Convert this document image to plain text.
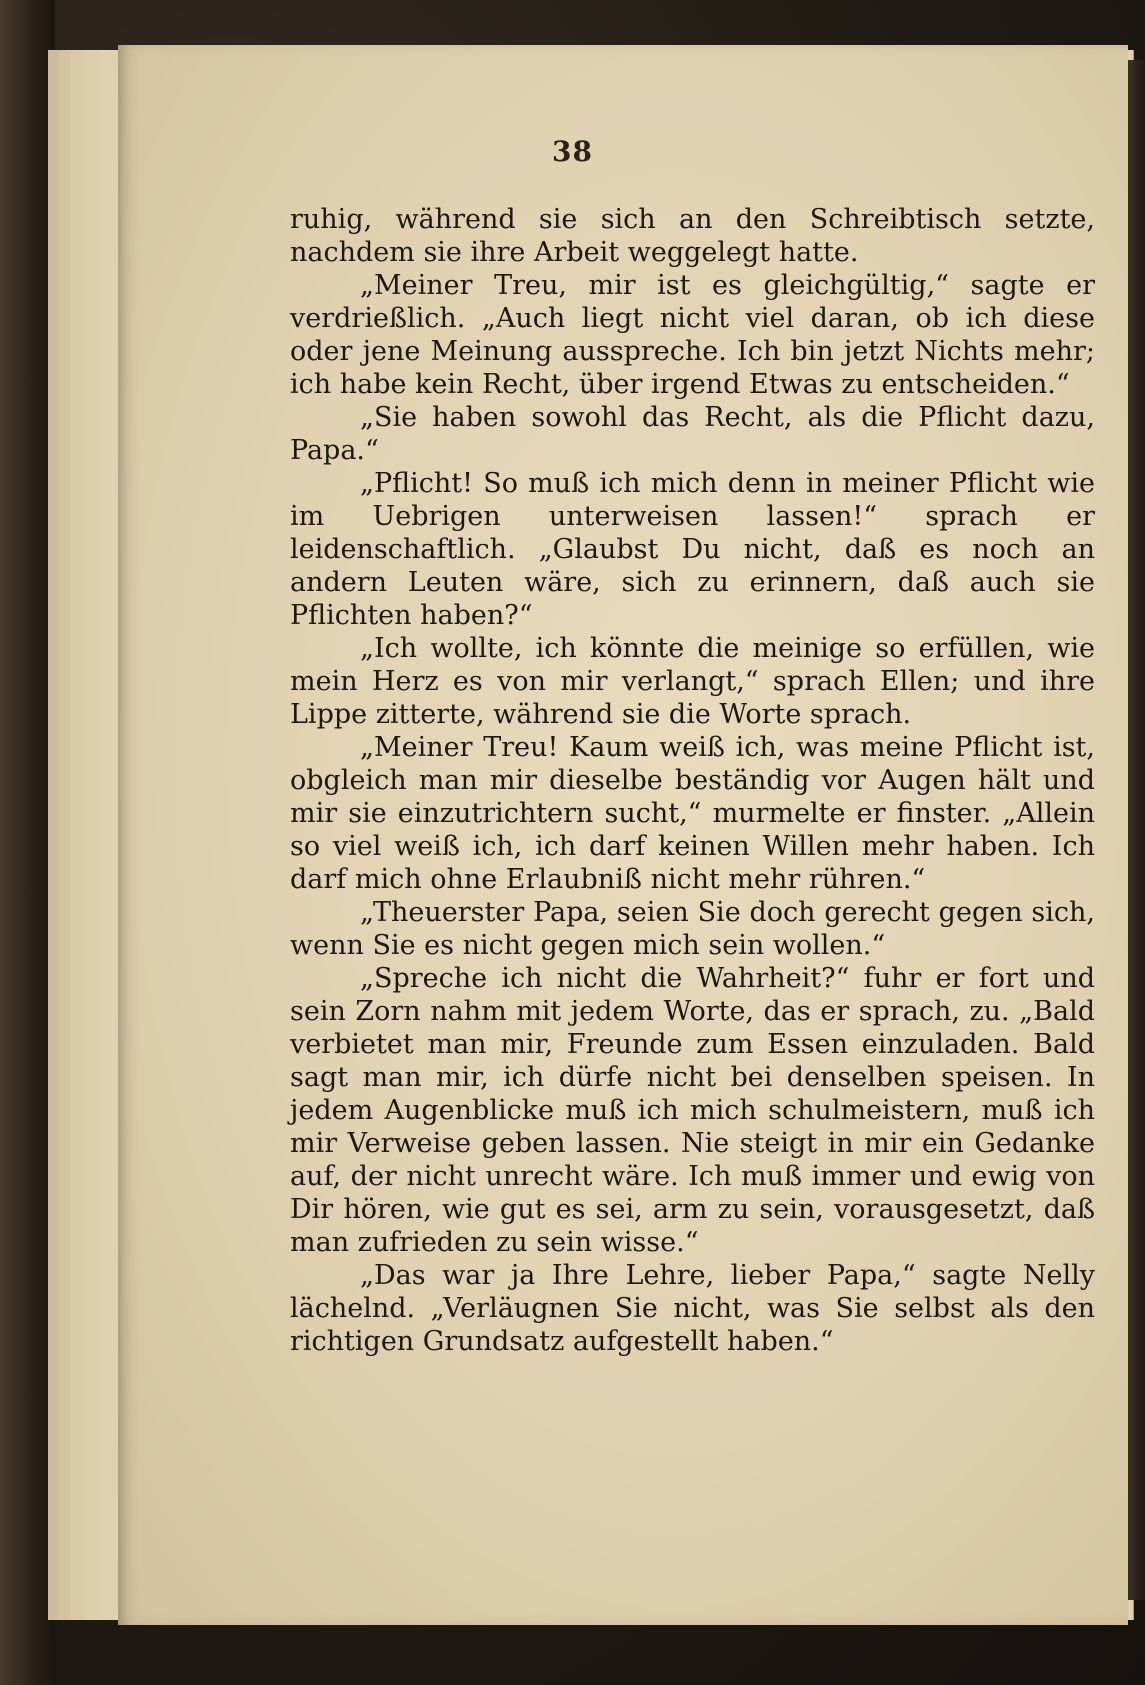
38

ruhig, während sie sich an den Schreibtisch setzte, nachdem sie ihre Arbeit weggelegt hatte.

„Meiner Treu, mir ist es gleichgültig,“ sagte er verdrießlich. „Auch liegt nicht viel daran, ob ich diese oder jene Meinung ausspreche. Ich bin jetzt Nichts mehr; ich habe kein Recht, über irgend Etwas zu entscheiden.“

„Sie haben sowohl das Recht, als die Pflicht dazu, Papa.“

„Pflicht! So muß ich mich denn in meiner Pflicht wie im Uebrigen unterweisen lassen!“ sprach er leidenschaftlich. „Glaubst Du nicht, daß es noch an andern Leuten wäre, sich zu erinnern, daß auch sie Pflichten haben?“

„Ich wollte, ich könnte die meinige so erfüllen, wie mein Herz es von mir verlangt,“ sprach Ellen; und ihre Lippe zitterte, während sie die Worte sprach.

„Meiner Treu! Kaum weiß ich, was meine Pflicht ist, obgleich man mir dieselbe beständig vor Augen hält und mir sie einzutrichtern sucht,“ murmelte er finster. „Allein so viel weiß ich, ich darf keinen Willen mehr haben. Ich darf mich ohne Erlaubniß nicht mehr rühren.“

„Theuerster Papa, seien Sie doch gerecht gegen sich, wenn Sie es nicht gegen mich sein wollen.“

„Spreche ich nicht die Wahrheit?“ fuhr er fort und sein Zorn nahm mit jedem Worte, das er sprach, zu. „Bald verbietet man mir, Freunde zum Essen einzuladen. Bald sagt man mir, ich dürfe nicht bei denselben speisen. In jedem Augenblicke muß ich mich schulmeistern, muß ich mir Verweise geben lassen. Nie steigt in mir ein Gedanke auf, der nicht unrecht wäre. Ich muß immer und ewig von Dir hören, wie gut es sei, arm zu sein, vorausgesetzt, daß man zufrieden zu sein wisse.“

„Das war ja Ihre Lehre, lieber Papa,“ sagte Nelly lächelnd. „Verläugnen Sie nicht, was Sie selbst als den richtigen Grundsatz aufgestellt haben.“
